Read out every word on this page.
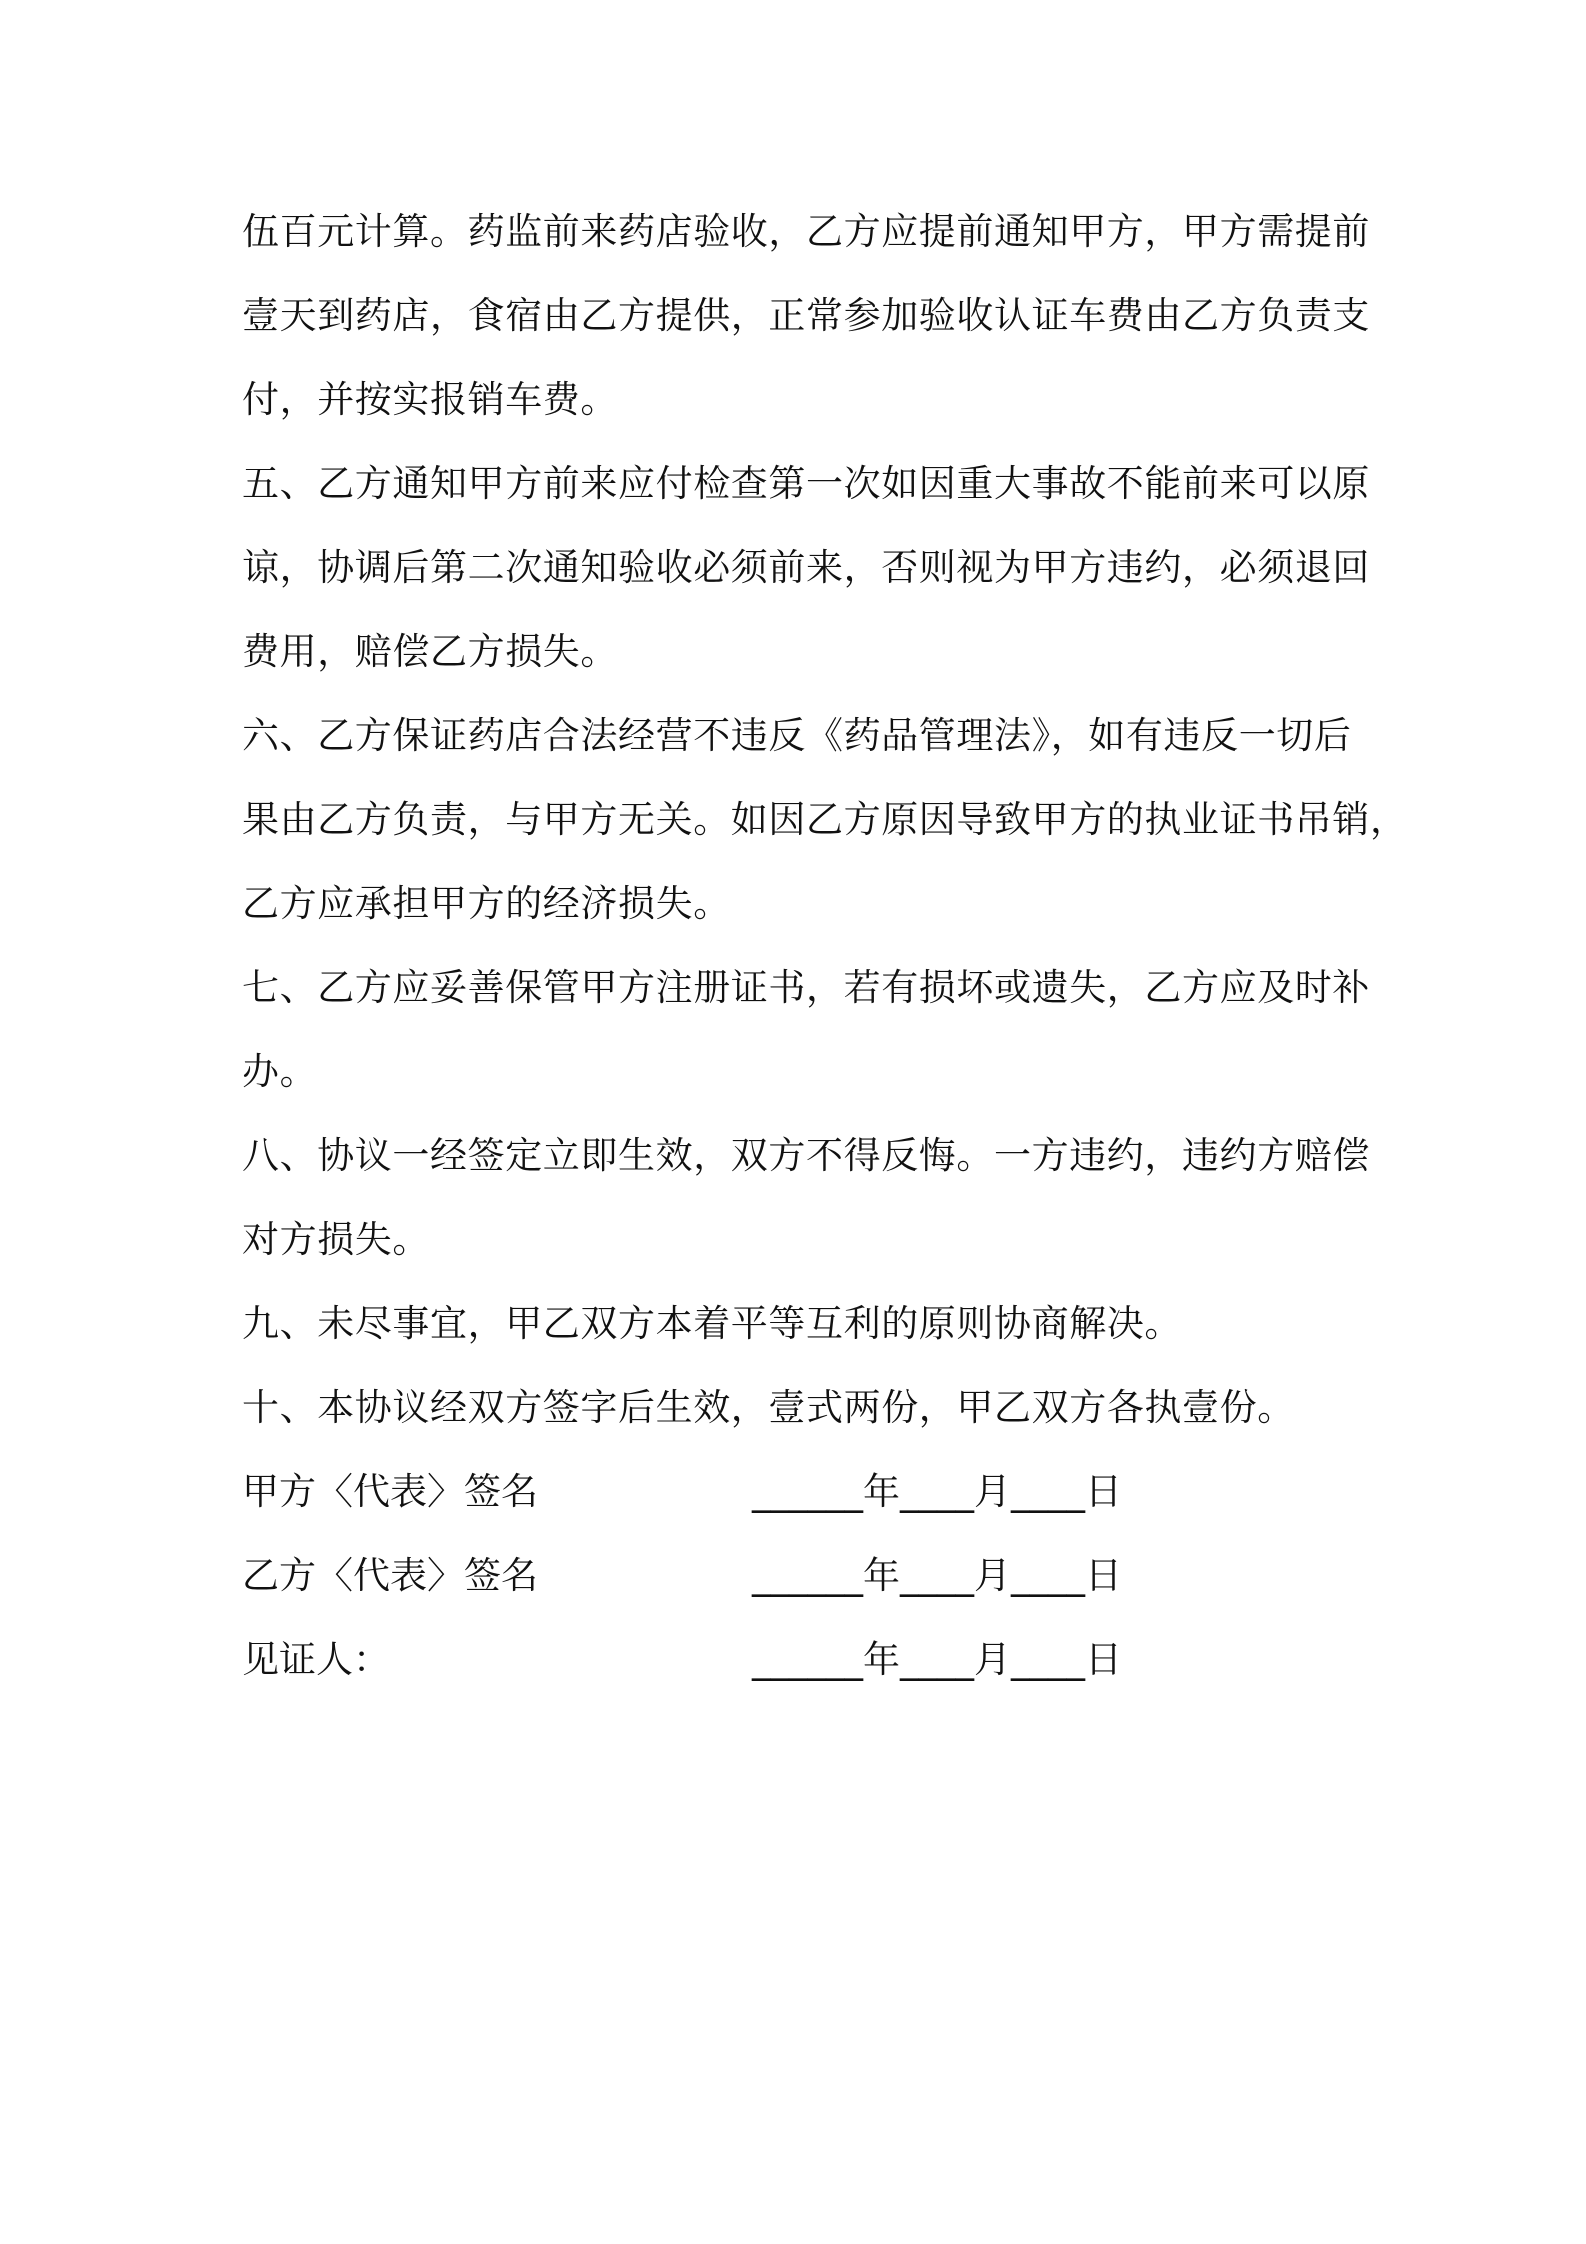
伍百元计算。药监前来药店验收，乙方应提前通知甲方，甲方需提前
壹天到药店，食宿由乙方提供，正常参加验收认证车费由乙方负责支
付，并按实报销车费。
五、乙方通知甲方前来应付检查第一次如因重大事故不能前来可以原
谅，协调后第二次通知验收必须前来，否则视为甲方违约，必须退回
费用，赔偿乙方损失。
六、乙方保证药店合法经营不违反《药品管理法》，如有违反一切后
果由乙方负责，与甲方无关。如因乙方原因导致甲方的执业证书吊销，
乙方应承担甲方的经济损失。
七、乙方应妥善保管甲方注册证书，若有损坏或遗失，乙方应及时补
办。
八、协议一经签定立即生效，双方不得反悔。一方违约，违约方赔偿
对方损失。
九、未尽事宜，甲乙双方本着平等互利的原则协商解决。
十、本协议经双方签字后生效，壹式两份，甲乙双方各执壹份。
甲方〈代表〉签名	______年____月____日
乙方〈代表〉签名	______年____月____日
见证人：	______年____月____日
